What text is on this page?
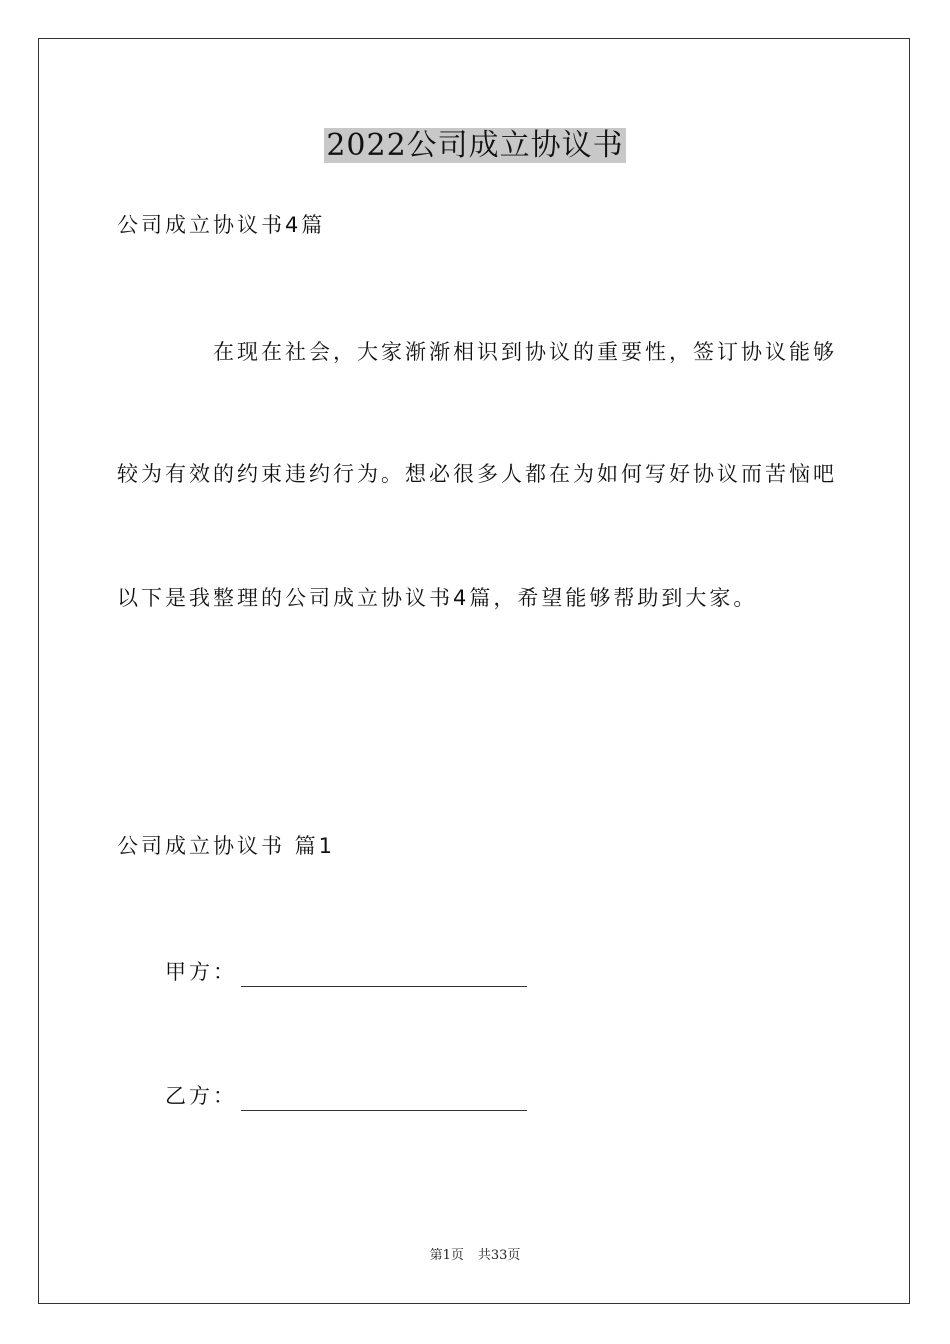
2022公司成立协议书
公司成立协议书4篇
在现在社会，大家渐渐相识到协议的重要性，签订协议能够
较为有效的约束违约行为。想必很多人都在为如何写好协议而苦恼吧
以下是我整理的公司成立协议书4篇，希望能够帮助到大家。
公司成立协议书 篇1
甲方：
乙方：
第1页 共33页
